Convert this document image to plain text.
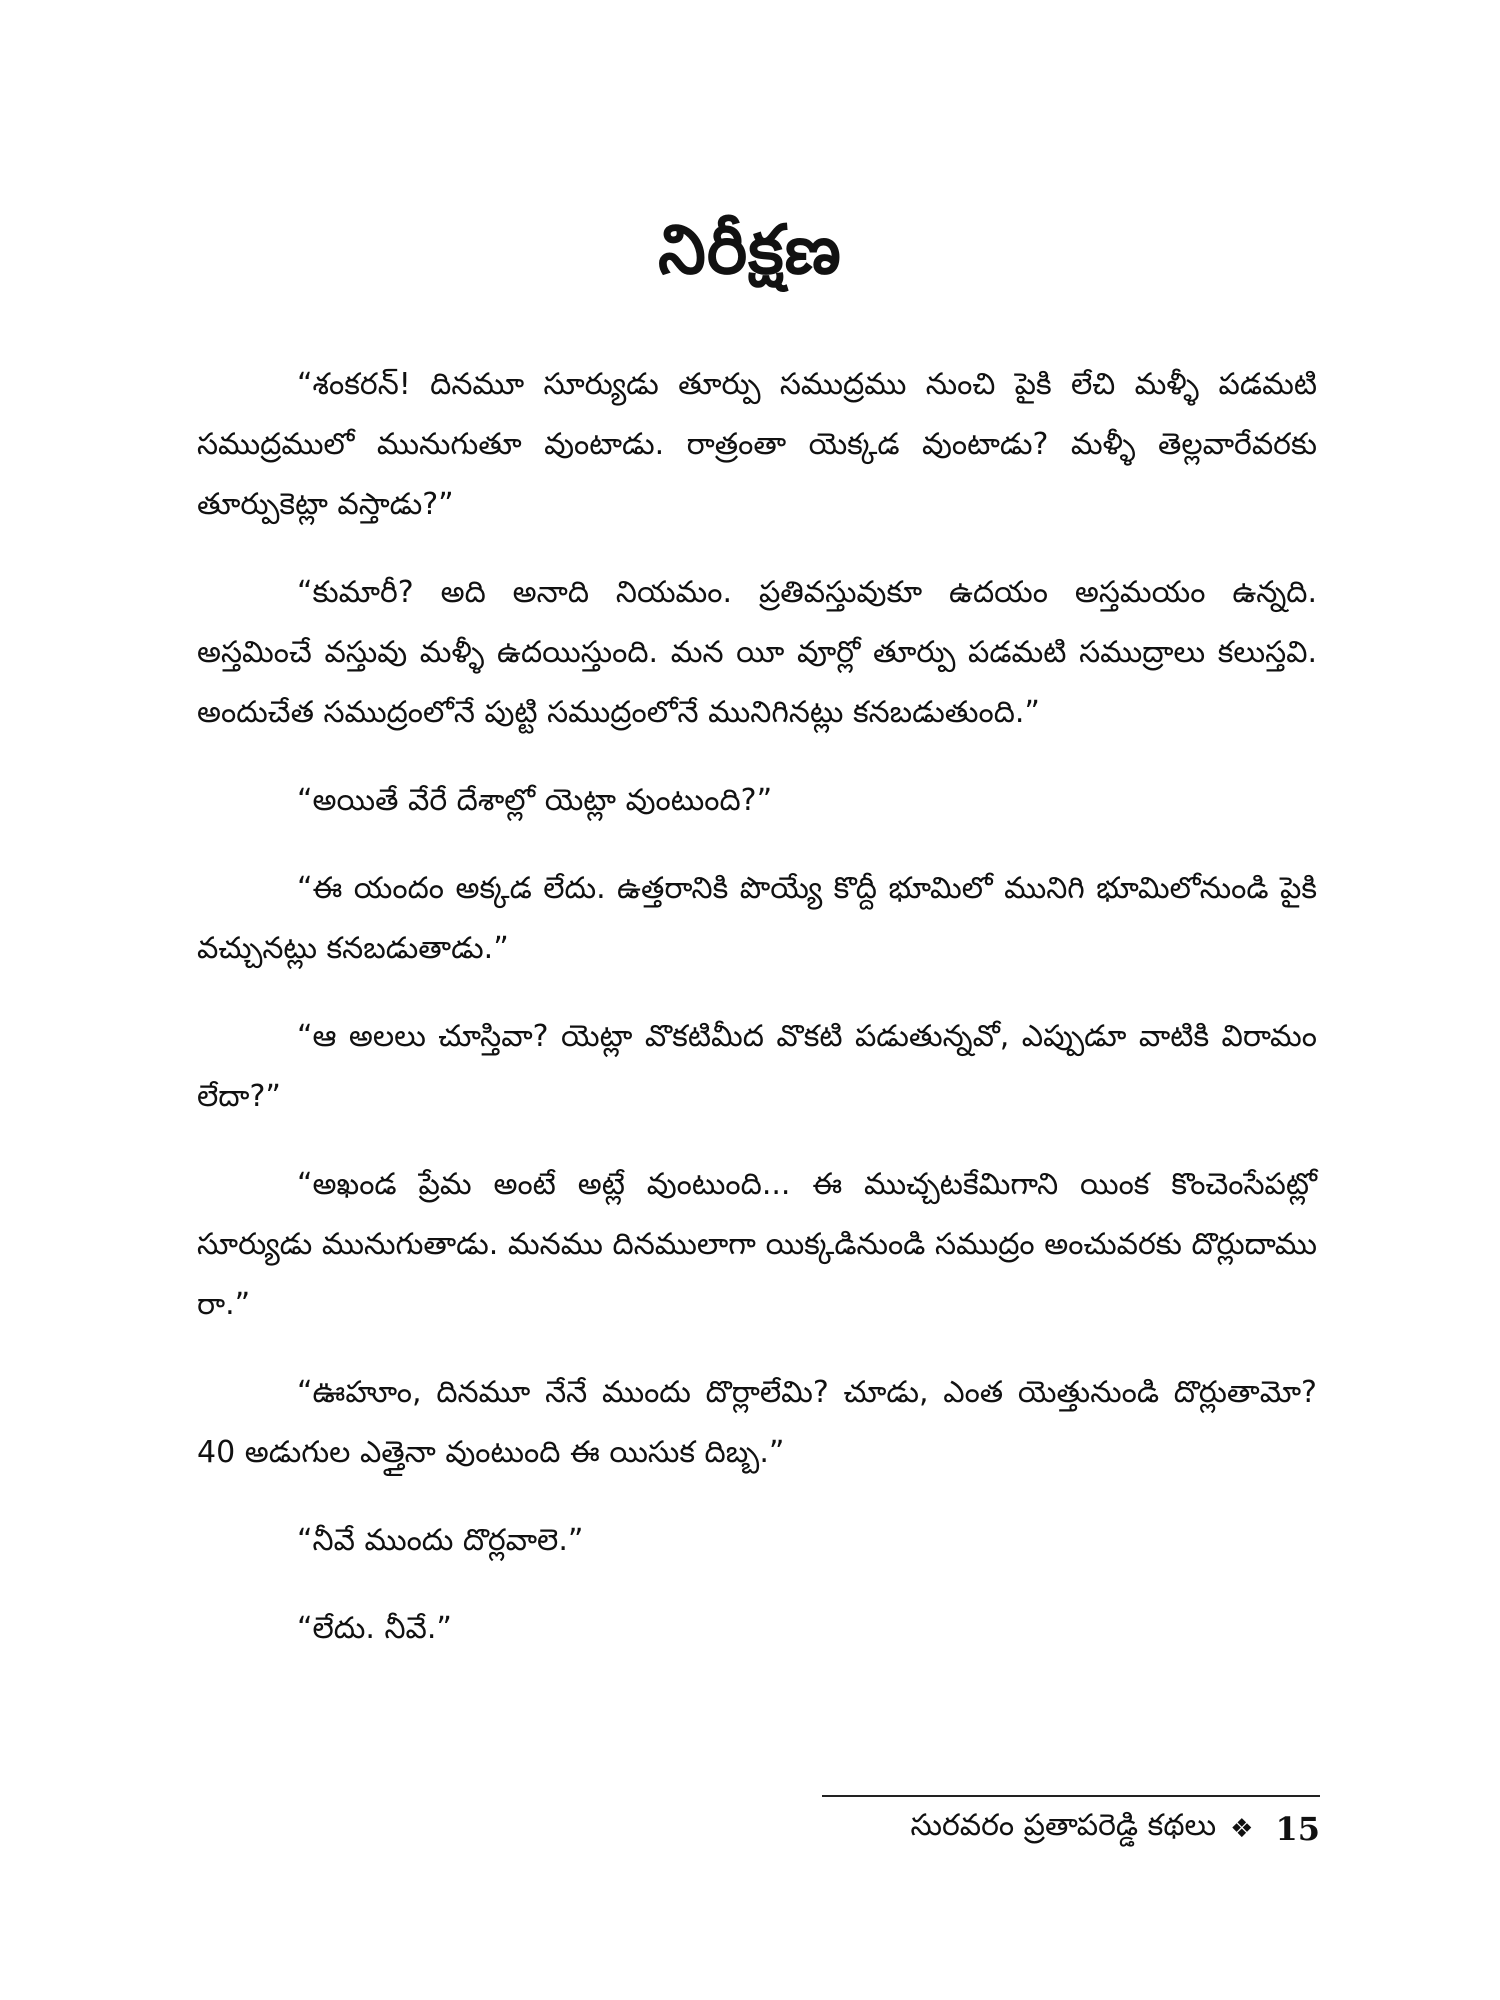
నిరీక్షణ

“శంకరన్! దినమూ సూర్యుడు తూర్పు సముద్రము నుంచి పైకి లేచి మళ్ళీ పడమటి సముద్రములో మునుగుతూ వుంటాడు. రాత్రంతా యెక్కడ వుంటాడు? మళ్ళీ తెల్లవారేవరకు తూర్పుకెట్లా వస్తాడు?”

“కుమారీ? అది అనాది నియమం. ప్రతివస్తువుకూ ఉదయం అస్తమయం ఉన్నది. అస్తమించే వస్తువు మళ్ళీ ఉదయిస్తుంది. మన యీ వూర్లో తూర్పు పడమటి సముద్రాలు కలుస్తవి. అందుచేత సముద్రంలోనే పుట్టి సముద్రంలోనే మునిగినట్లు కనబడుతుంది.”

“అయితే వేరే దేశాల్లో యెట్లా వుంటుంది?”

“ఈ యందం అక్కడ లేదు. ఉత్తరానికి పొయ్యే కొద్దీ భూమిలో మునిగి భూమిలోనుండి పైకి వచ్చునట్లు కనబడుతాడు.”

“ఆ అలలు చూస్తివా? యెట్లా వొకటిమీద వొకటి పడుతున్నవో, ఎప్పుడూ వాటికి విరామం లేదా?”

“అఖండ ప్రేమ అంటే అట్లే వుంటుంది... ఈ ముచ్చటకేమిగాని యింక కొంచెంసేపట్లో సూర్యుడు మునుగుతాడు. మనము దినములాగా యిక్కడినుండి సముద్రం అంచువరకు దొర్లుదాము రా.”

“ఊహూం, దినమూ నేనే ముందు దొర్లాలేమి? చూడు, ఎంత యెత్తునుండి దొర్లుతామో? 40 అడుగుల ఎత్తైనా వుంటుంది ఈ యిసుక దిబ్బ.”

“నీవే ముందు దొర్లవాలె.”

“లేదు. నీవే.”

సురవరం ప్రతాపరెడ్డి కథలు ❖ 15
